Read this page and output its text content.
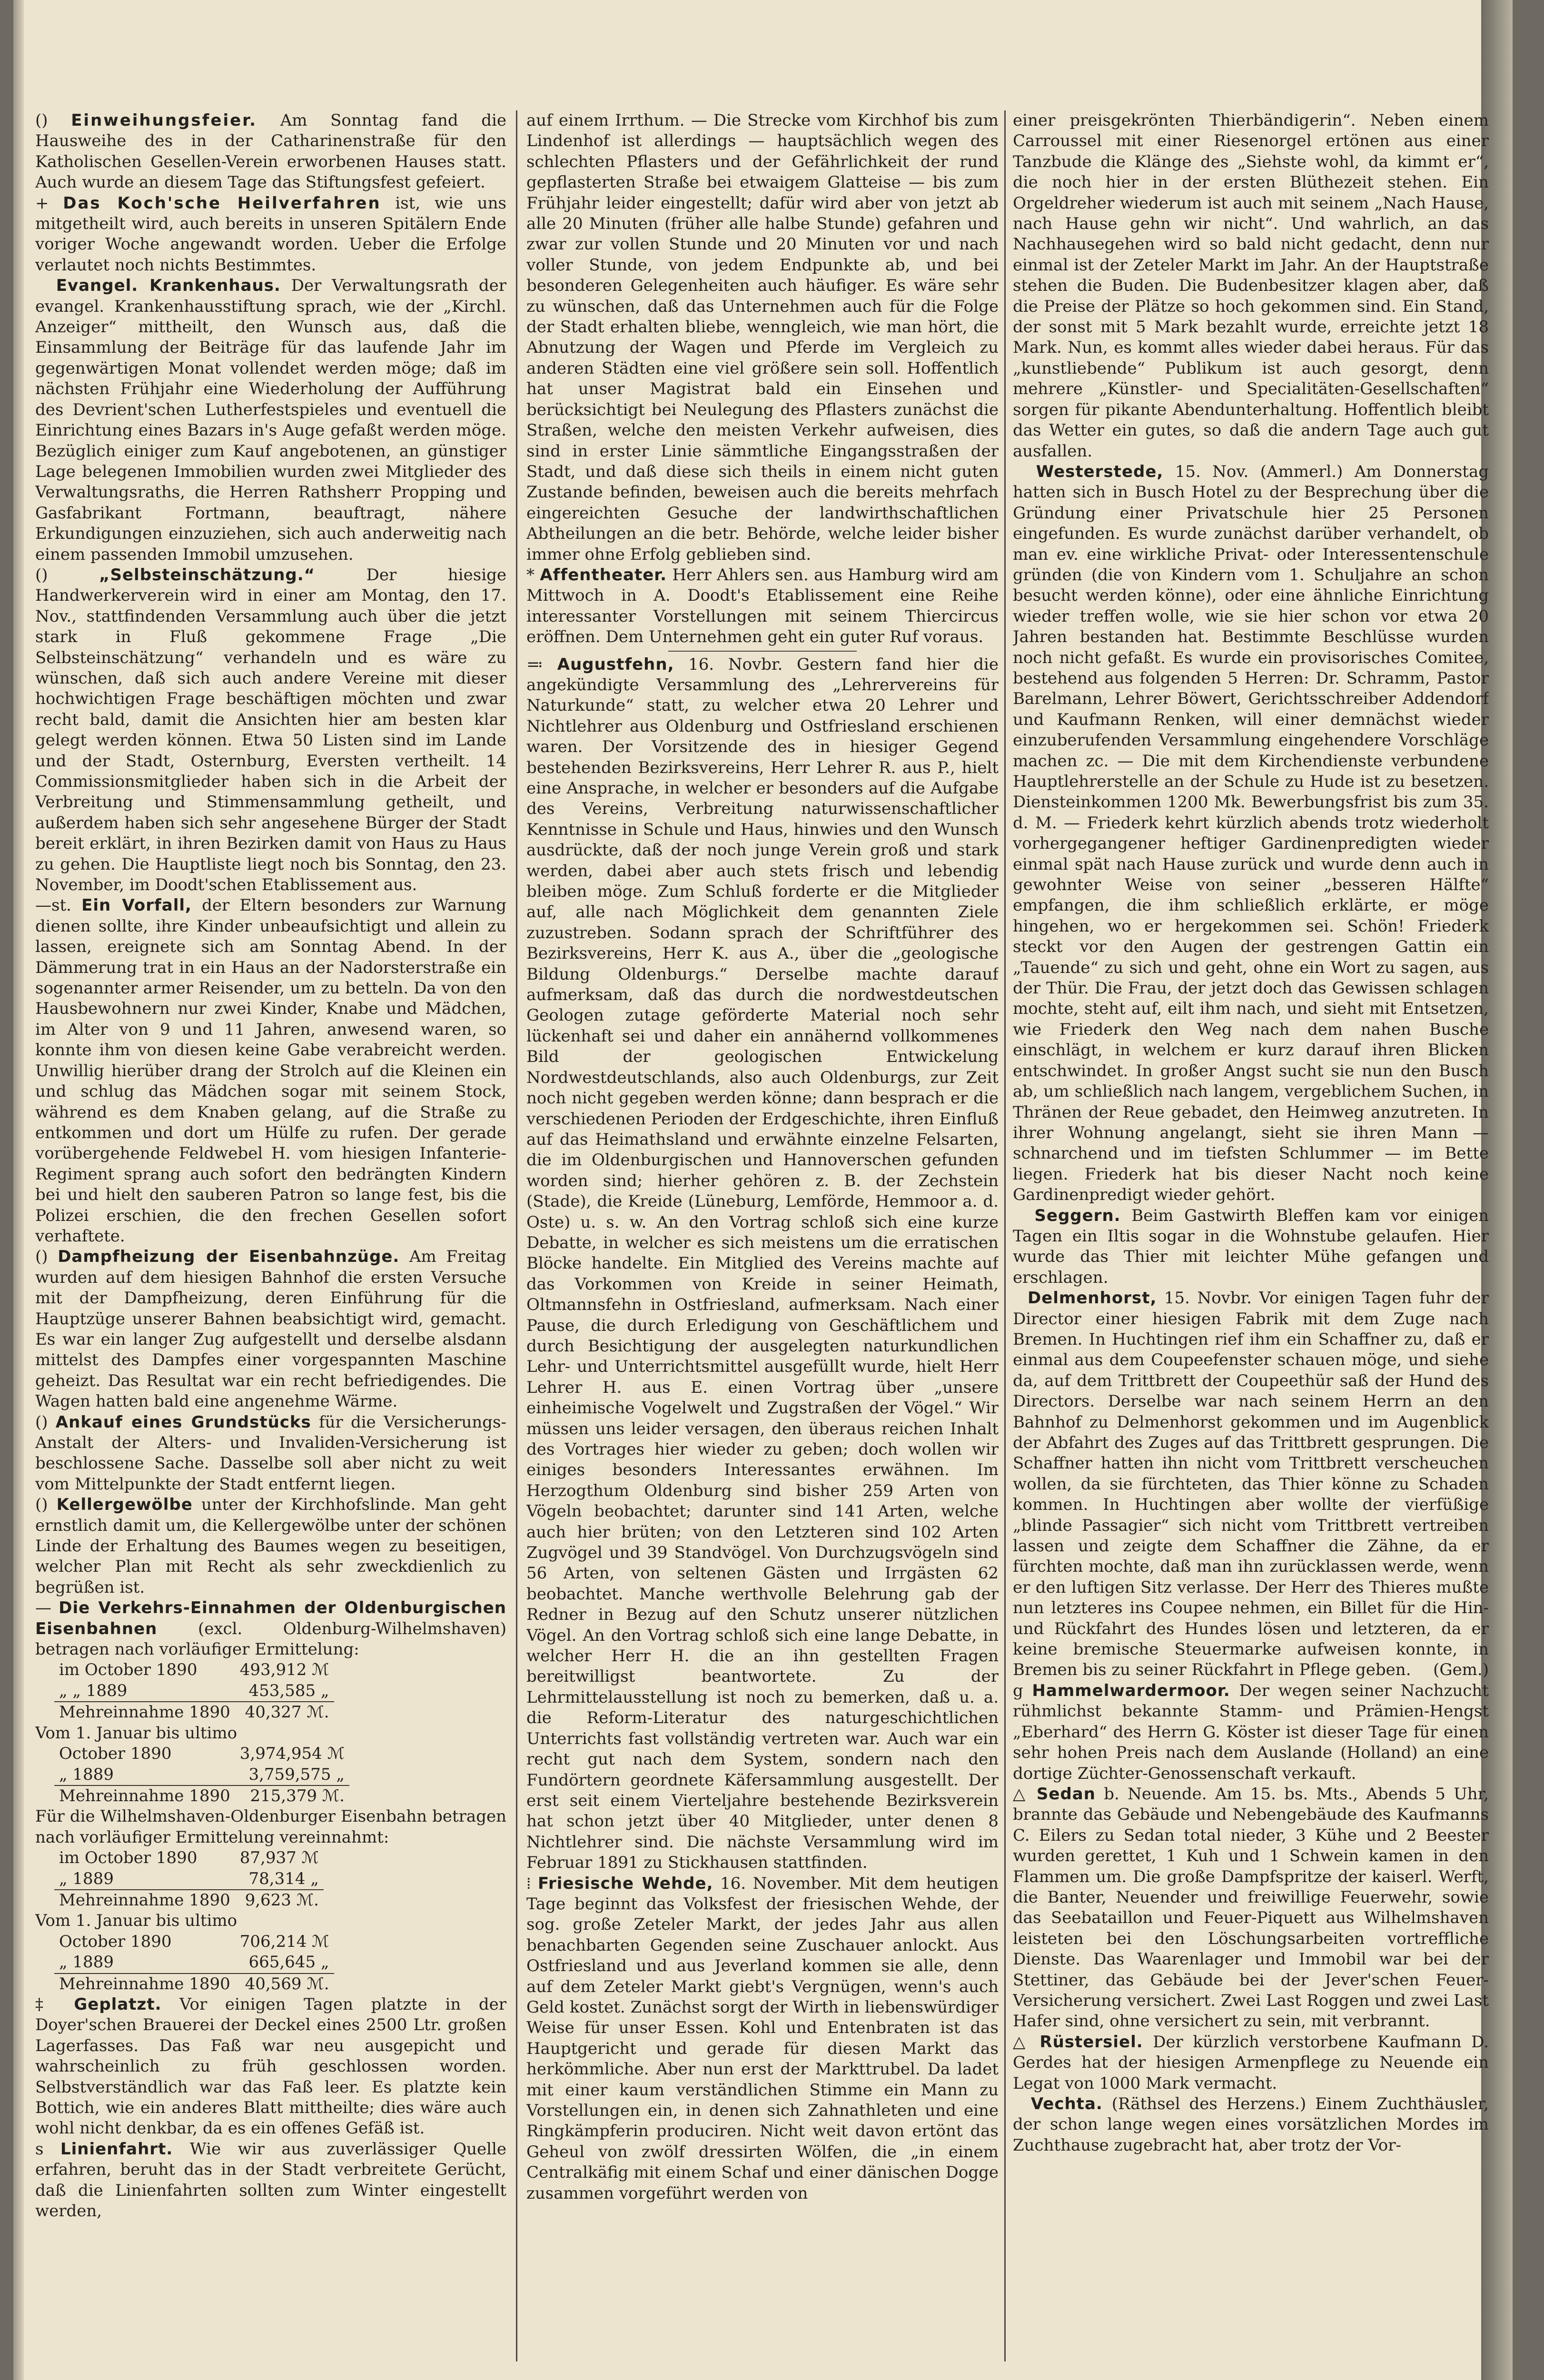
() Einweihungsfeier. Am Sonntag fand die Hausweihe des in der Catharinenstraße für den Katholischen Gesellen-Verein erworbenen Hauses statt. Auch wurde an diesem Tage das Stiftungsfest gefeiert.

+ Das Koch'sche Heilverfahren ist, wie uns mitgetheilt wird, auch bereits in unseren Spitälern Ende voriger Woche angewandt worden. Ueber die Erfolge verlautet noch nichts Bestimmtes.

Evangel. Krankenhaus. Der Verwaltungsrath der evangel. Krankenhausstiftung sprach, wie der „Kirchl. Anzeiger“ mittheilt, den Wunsch aus, daß die Einsammlung der Beiträge für das laufende Jahr im gegenwärtigen Monat vollendet werden möge; daß im nächsten Frühjahr eine Wiederholung der Aufführung des Devrient'schen Lutherfestspieles und eventuell die Einrichtung eines Bazars in's Auge gefaßt werden möge. Bezüglich einiger zum Kauf angebotenen, an günstiger Lage belegenen Immobilien wurden zwei Mitglieder des Verwaltungsraths, die Herren Rathsherr Propping und Gasfabrikant Fortmann, beauftragt, nähere Erkundigungen einzuziehen, sich auch anderweitig nach einem passenden Immobil umzusehen.

() „Selbsteinschätzung.“	Der hiesige Handwerkerverein wird in einer am Montag, den 17. Nov., stattfindenden Versammlung auch über die jetzt stark in Fluß gekommene Frage „Die Selbsteinschätzung“ verhandeln und es wäre zu wünschen, daß sich auch andere Vereine mit dieser hochwichtigen Frage beschäftigen möchten und zwar recht bald, damit die Ansichten hier am besten klar gelegt werden können. Etwa 50 Listen sind im Lande und der Stadt, Osternburg, Eversten vertheilt. 14 Commissionsmitglieder haben sich in die Arbeit der Verbreitung und Stimmensammlung getheilt, und außerdem haben sich sehr angesehene Bürger der Stadt bereit erklärt, in ihren Bezirken damit von Haus zu Haus zu gehen. Die Hauptliste liegt noch bis Sonntag, den 23. November, im Doodt'schen Etablissement aus.

—st. Ein Vorfall, der Eltern besonders zur Warnung dienen sollte, ihre Kinder unbeaufsichtigt und allein zu lassen, ereignete sich am Sonntag Abend. In der Dämmerung trat in ein Haus an der Nadorsterstraße ein sogenannter armer Reisender, um zu betteln. Da von den Hausbewohnern nur zwei Kinder, Knabe und Mädchen, im Alter von 9 und 11 Jahren, anwesend waren, so konnte ihm von diesen keine Gabe verabreicht werden. Unwillig hierüber drang der Strolch auf die Kleinen ein und schlug das Mädchen sogar mit seinem Stock, während es dem Knaben gelang, auf die Straße zu entkommen und dort um Hülfe zu rufen. Der gerade vorübergehende Feldwebel H. vom hiesigen Infanterie-Regiment sprang auch sofort den bedrängten Kindern bei und hielt den sauberen Patron so lange fest, bis die Polizei erschien, die den frechen Gesellen sofort verhaftete.

() Dampfheizung der Eisenbahnzüge. Am Freitag wurden auf dem hiesigen Bahnhof die ersten Versuche mit der Dampfheizung, deren Einführung für die Hauptzüge unserer Bahnen beabsichtigt wird, gemacht. Es war ein langer Zug aufgestellt und derselbe alsdann mittelst des Dampfes einer vorgespannten Maschine geheizt. Das Resultat war ein recht befriedigendes. Die Wagen hatten bald eine angenehme Wärme.

() Ankauf eines Grundstücks für die Versicherungs-Anstalt der Alters- und Invaliden-Versicherung ist beschlossene Sache. Dasselbe soll aber nicht zu weit vom Mittelpunkte der Stadt entfernt liegen.

() Kellergewölbe unter der Kirchhofslinde. Man geht ernstlich damit um, die Kellergewölbe unter der schönen Linde der Erhaltung des Baumes wegen zu beseitigen, welcher Plan mit Recht als sehr zweckdienlich zu begrüßen ist.

— Die Verkehrs-Einnahmen der Oldenburgischen Eisenbahnen	(excl. Oldenburg-Wilhelmshaven) betragen nach vorläufiger Ermittelung:

im October 1890	493,912 ℳ
„ „ 1889	453,585 „
Mehreinnahme 1890	40,327 ℳ.

Vom 1. Januar bis ultimo

October 1890	3,974,954 ℳ
„ 1889	3,759,575 „
Mehreinnahme 1890	215,379 ℳ.

Für die Wilhelmshaven-Oldenburger Eisenbahn betragen nach vorläufiger Ermittelung vereinnahmt:

im October 1890	87,937 ℳ
„ 1889	78,314 „
Mehreinnahme 1890	9,623 ℳ.

Vom 1. Januar bis ultimo

October 1890	706,214 ℳ
„ 1889	665,645 „
Mehreinnahme 1890	40,569 ℳ.

‡ Geplatzt. Vor einigen Tagen platzte in der Doyer'schen Brauerei der Deckel eines 2500 Ltr. großen Lagerfasses. Das Faß war neu ausgepicht und wahrscheinlich zu früh geschlossen worden. Selbstverständlich war das Faß leer. Es platzte kein Bottich, wie ein anderes Blatt mittheilte; dies wäre auch wohl nicht denkbar, da es ein offenes Gefäß ist.

s Linienfahrt. Wie wir aus zuverlässiger Quelle erfahren, beruht das in der Stadt verbreitete Gerücht, daß die Linienfahrten sollten zum Winter eingestellt werden,

auf einem Irrthum. — Die Strecke vom Kirchhof bis zum Lindenhof ist allerdings — hauptsächlich wegen des schlechten Pflasters und der Gefährlichkeit der rund gepflasterten Straße bei etwaigem Glatteise — bis zum Frühjahr leider eingestellt; dafür wird aber von jetzt ab alle 20 Minuten (früher alle halbe Stunde) gefahren und zwar zur vollen Stunde und 20 Minuten vor und nach voller Stunde, von jedem Endpunkte ab, und bei besonderen Gelegenheiten auch häufiger. Es wäre sehr zu wünschen, daß das Unternehmen auch für die Folge der Stadt erhalten bliebe, wenngleich, wie man hört, die Abnutzung der Wagen und Pferde im Vergleich zu anderen Städten eine viel größere sein soll. Hoffentlich hat unser Magistrat bald ein Einsehen und berücksichtigt bei Neulegung des Pflasters zunächst die Straßen, welche den meisten Verkehr aufweisen, dies sind in erster Linie sämmtliche Eingangsstraßen der Stadt, und daß diese sich theils in einem nicht guten Zustande befinden, beweisen auch die bereits mehrfach eingereichten Gesuche der landwirthschaftlichen Abtheilungen an die betr. Behörde, welche leider bisher immer ohne Erfolg geblieben sind.

* Affentheater. Herr Ahlers sen. aus Hamburg wird am Mittwoch in A. Doodt's Etablissement eine Reihe interessanter Vorstellungen mit seinem Thiercircus eröffnen. Dem Unternehmen geht ein guter Ruf voraus.

≕ Augustfehn, 16. Novbr. Gestern fand hier die angekündigte Versammlung des „Lehrervereins für Naturkunde“ statt, zu welcher etwa 20 Lehrer und Nichtlehrer aus Oldenburg und Ostfriesland erschienen waren. Der Vorsitzende des in hiesiger Gegend bestehenden Bezirksvereins, Herr Lehrer R. aus P., hielt eine Ansprache, in welcher er besonders auf die Aufgabe des Vereins, Verbreitung naturwissenschaftlicher Kenntnisse in Schule und Haus, hinwies und den Wunsch ausdrückte, daß der noch junge Verein groß und stark werden, dabei aber auch stets frisch und lebendig bleiben möge. Zum Schluß forderte er die Mitglieder auf, alle nach Möglichkeit dem genannten Ziele zuzustreben. Sodann sprach der Schriftführer des Bezirksvereins, Herr K. aus A., über die „geologische Bildung Oldenburgs.“ Derselbe machte darauf aufmerksam, daß das durch die nordwestdeutschen Geologen zutage geförderte Material noch sehr lückenhaft sei und daher ein annähernd vollkommenes Bild der geologischen Entwickelung Nordwestdeutschlands, also auch Oldenburgs, zur Zeit noch nicht gegeben werden könne; dann besprach er die verschiedenen Perioden der Erdgeschichte, ihren Einfluß auf das Heimathsland und erwähnte einzelne Felsarten, die im Oldenburgischen und Hannoverschen gefunden worden sind; hierher gehören z. B. der Zechstein (Stade), die Kreide (Lüneburg, Lemförde, Hemmoor a. d. Oste) u. s. w. An den Vortrag schloß sich eine kurze Debatte, in welcher es sich meistens um die erratischen Blöcke handelte. Ein Mitglied des Vereins machte auf das Vorkommen von Kreide in seiner Heimath, Oltmannsfehn in Ostfriesland, aufmerksam. Nach einer Pause, die durch Erledigung von Geschäftlichem und durch Besichtigung der ausgelegten naturkundlichen Lehr- und Unterrichtsmittel ausgefüllt wurde, hielt Herr Lehrer H. aus E. einen Vortrag über „unsere einheimische Vogelwelt und Zugstraßen der Vögel.“ Wir müssen uns leider versagen, den überaus reichen Inhalt des Vortrages hier wieder zu geben; doch wollen wir einiges besonders Interessantes erwähnen. Im Herzogthum Oldenburg sind bisher 259 Arten von Vögeln beobachtet; darunter sind 141 Arten, welche auch hier brüten; von den Letzteren sind 102 Arten Zugvögel und 39 Standvögel. Von Durchzugsvögeln sind 56 Arten, von seltenen Gästen und Irrgästen 62 beobachtet. Manche werthvolle Belehrung gab der Redner in Bezug auf den Schutz unserer nützlichen Vögel. An den Vortrag schloß sich eine lange Debatte, in welcher Herr H. die an ihn gestellten Fragen bereitwilligst beantwortete. Zu der Lehrmittelausstellung ist noch zu bemerken, daß u. a. die Reform-Literatur des naturgeschichtlichen Unterrichts fast vollständig vertreten war. Auch war ein recht gut nach dem System, sondern nach den Fundörtern geordnete Käfersammlung ausgestellt. Der erst seit einem Vierteljahre bestehende Bezirksverein hat schon jetzt über 40 Mitglieder, unter denen 8 Nichtlehrer sind. Die nächste Versammlung wird im Februar 1891 zu Stickhausen stattfinden.

⁞ Friesische Wehde, 16. November. Mit dem heutigen Tage beginnt das Volksfest der friesischen Wehde, der sog. große Zeteler Markt, der jedes Jahr aus allen benachbarten Gegenden seine Zuschauer anlockt. Aus Ostfriesland und aus Jeverland kommen sie alle, denn auf dem Zeteler Markt giebt's Vergnügen, wenn's auch Geld kostet. Zunächst sorgt der Wirth in liebenswürdiger Weise für unser Essen. Kohl und Entenbraten ist das Hauptgericht und gerade für diesen Markt das herkömmliche. Aber nun erst der Markttrubel. Da ladet mit einer kaum verständlichen Stimme ein Mann zu Vorstellungen ein, in denen sich Zahnathleten und eine Ringkämpferin produciren. Nicht weit davon ertönt das Geheul von zwölf dressirten Wölfen, die „in einem Centralkäfig mit einem Schaf und einer dänischen Dogge zusammen vorgeführt werden von

einer preisgekrönten Thierbändigerin“. Neben einem Carroussel mit einer Riesenorgel ertönen aus einer Tanzbude die Klänge des „Siehste wohl, da kimmt er“, die noch hier in der ersten Blüthezeit stehen. Ein Orgeldreher wiederum ist auch mit seinem „Nach Hause, nach Hause gehn wir nicht“. Und wahrlich, an das Nachhausegehen wird so bald nicht gedacht, denn nur einmal ist der Zeteler Markt im Jahr. An der Hauptstraße stehen die Buden. Die Budenbesitzer klagen aber, daß die Preise der Plätze so hoch gekommen sind. Ein Stand, der sonst mit 5 Mark bezahlt wurde, erreichte jetzt 18 Mark. Nun, es kommt alles wieder dabei heraus. Für das „kunstliebende“ Publikum ist auch gesorgt, denn mehrere „Künstler- und Specialitäten-Gesellschaften“ sorgen für pikante Abendunterhaltung. Hoffentlich bleibt das Wetter ein gutes, so daß die andern Tage auch gut ausfallen.

Westerstede, 15. Nov. (Ammerl.) Am Donnerstag hatten sich in Busch Hotel zu der Besprechung über die Gründung einer Privatschule hier 25 Personen eingefunden. Es wurde zunächst darüber verhandelt, ob man ev. eine wirkliche Privat- oder Interessentenschule gründen (die von Kindern vom 1. Schuljahre an schon besucht werden könne), oder eine ähnliche Einrichtung wieder treffen wolle, wie sie hier schon vor etwa 20 Jahren bestanden hat. Bestimmte Beschlüsse wurden noch nicht gefaßt. Es wurde ein provisorisches Comitee, bestehend aus folgenden 5 Herren: Dr. Schramm, Pastor Barelmann, Lehrer Böwert, Gerichtsschreiber Addendorf und Kaufmann Renken, will einer demnächst wieder einzuberufenden Versammlung eingehendere Vorschläge machen zc. — Die mit dem Kirchendienste verbundene Hauptlehrerstelle an der Schule zu Hude ist zu besetzen. Diensteinkommen 1200 Mk. Bewerbungsfrist bis zum 35. d. M. — Friederk kehrt kürzlich abends trotz wiederholt vorhergegangener heftiger Gardinenpredigten wieder einmal spät nach Hause zurück und wurde denn auch in gewohnter Weise von seiner „besseren Hälfte“ empfangen, die ihm schließlich erklärte, er möge hingehen, wo er hergekommen sei. Schön! Friederk steckt vor den Augen der gestrengen Gattin ein „Tauende“ zu sich und geht, ohne ein Wort zu sagen, aus der Thür. Die Frau, der jetzt doch das Gewissen schlagen mochte, steht auf, eilt ihm nach, und sieht mit Entsetzen, wie Friederk den Weg nach dem nahen Busche einschlägt, in welchem er kurz darauf ihren Blicken entschwindet. In großer Angst sucht sie nun den Busch ab, um schließlich nach langem, vergeblichem Suchen, in Thränen der Reue gebadet, den Heimweg anzutreten. In ihrer Wohnung angelangt, sieht sie ihren Mann — schnarchend und im tiefsten Schlummer — im Bette liegen. Friederk hat bis dieser Nacht noch keine Gardinenpredigt wieder gehört.

Seggern. Beim Gastwirth Bleffen kam vor einigen Tagen ein Iltis sogar in die Wohnstube gelaufen. Hier wurde das Thier mit leichter Mühe gefangen und erschlagen.

Delmenhorst, 15. Novbr. Vor einigen Tagen fuhr der Director einer hiesigen Fabrik mit dem Zuge nach Bremen. In Huchtingen rief ihm ein Schaffner zu, daß er einmal aus dem Coupeefenster schauen möge, und siehe da, auf dem Trittbrett der Coupeethür saß der Hund des Directors. Derselbe war nach seinem Herrn an den Bahnhof zu Delmenhorst gekommen und im Augenblick der Abfahrt des Zuges auf das Trittbrett gesprungen. Die Schaffner hatten ihn nicht vom Trittbrett verscheuchen wollen, da sie fürchteten, das Thier könne zu Schaden kommen. In Huchtingen aber wollte der vierfüßige „blinde Passagier“ sich nicht vom Trittbrett vertreiben lassen und zeigte dem Schaffner die Zähne, da er fürchten mochte, daß man ihn zurücklassen werde, wenn er den luftigen Sitz verlasse. Der Herr des Thieres mußte nun letzteres ins Coupee nehmen, ein Billet für die Hin- und Rückfahrt des Hundes lösen und letzteren, da er keine bremische Steuermarke aufweisen konnte, in Bremen bis zu seiner Rückfahrt in Pflege geben. (Gem.)

g Hammelwardermoor. Der wegen seiner Nachzucht rühmlichst bekannte Stamm- und Prämien-Hengst „Eberhard“ des Herrn G. Köster ist dieser Tage für einen sehr hohen Preis nach dem Auslande (Holland) an eine dortige Züchter-Genossenschaft verkauft.

△ Sedan b. Neuende. Am 15. bs. Mts., Abends 5 Uhr, brannte das Gebäude und Nebengebäude des Kaufmanns C. Eilers zu Sedan total nieder, 3 Kühe und 2 Beester wurden gerettet, 1 Kuh und 1 Schwein kamen in den Flammen um. Die große Dampfspritze der kaiserl. Werft, die Banter, Neuender und freiwillige Feuerwehr, sowie das Seebataillon und Feuer-Piquett aus Wilhelmshaven leisteten bei den Löschungsarbeiten vortreffliche Dienste. Das Waarenlager und Immobil war bei der Stettiner, das Gebäude bei der Jever'schen Feuer-Versicherung versichert. Zwei Last Roggen und zwei Last Hafer sind, ohne versichert zu sein, mit verbrannt.

△ Rüstersiel. Der kürzlich verstorbene Kaufmann D. Gerdes hat der hiesigen Armenpflege zu Neuende ein Legat von 1000 Mark vermacht.

Vechta. (Räthsel des Herzens.) Einem Zuchthäusler, der schon lange wegen eines vorsätzlichen Mordes im Zuchthause zugebracht hat, aber trotz der Vor-
